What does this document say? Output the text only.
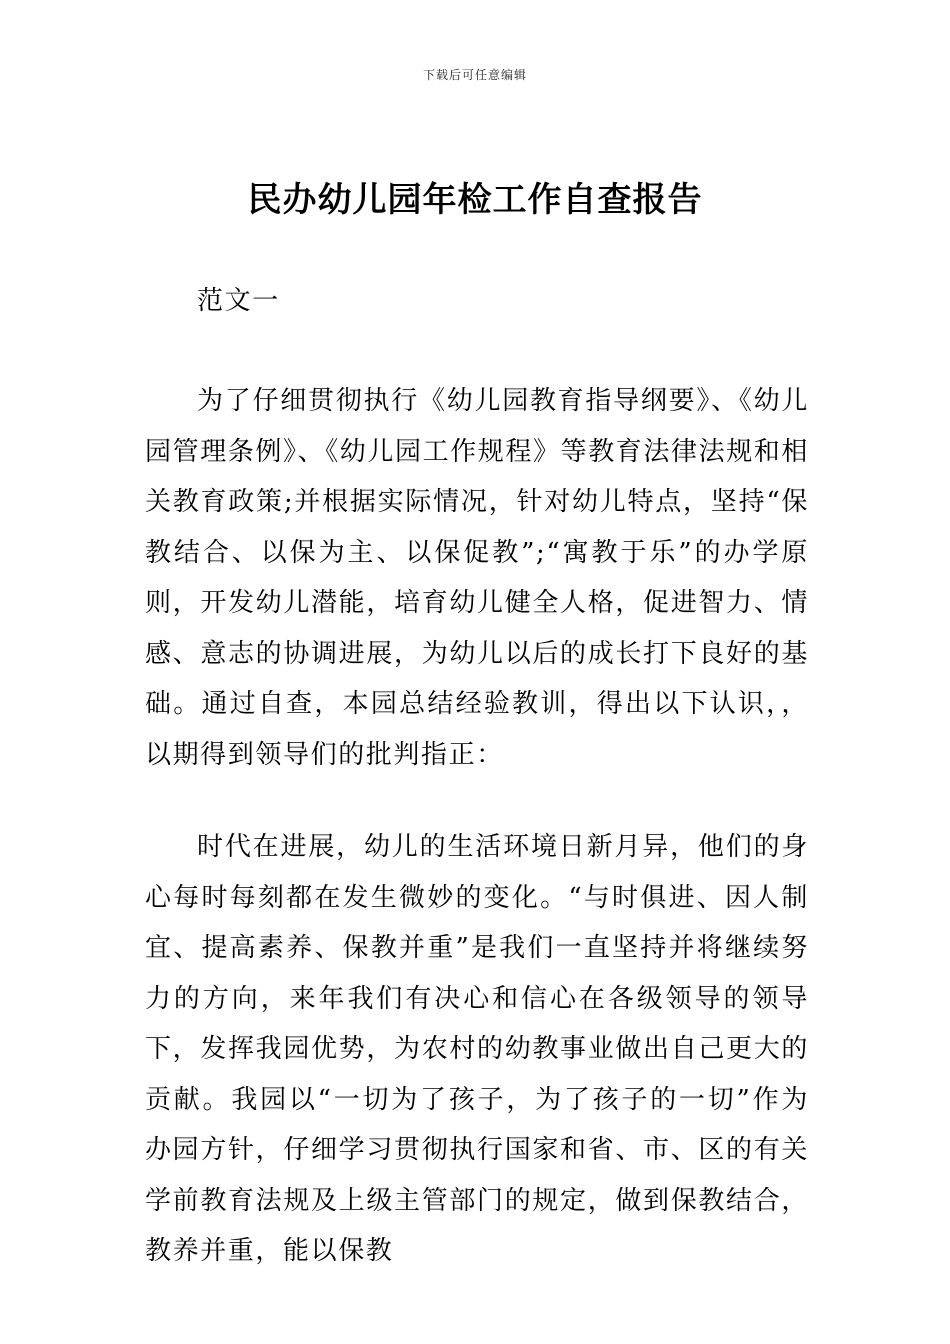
下载后可任意编辑
民办幼儿园年检工作自查报告

范文一

为了仔细贯彻执行《幼儿园教育指导纲要》、《幼儿园管理条例》、《幼儿园工作规程》等教育法律法规和相关教育政策;并根据实际情况，针对幼儿特点，坚持“保教结合、以保为主、以保促教”;“寓教于乐”的办学原则，开发幼儿潜能，培育幼儿健全人格，促进智力、情感、意志的协调进展，为幼儿以后的成长打下良好的基础。通过自查，本园总结经验教训，得出以下认识，，以期得到领导们的批判指正：

时代在进展，幼儿的生活环境日新月异，他们的身心每时每刻都在发生微妙的变化。“与时俱进、因人制宜、提高素养、保教并重”是我们一直坚持并将继续努力的方向，来年我们有决心和信心在各级领导的领导下，发挥我园优势，为农村的幼教事业做出自己更大的贡献。我园以“一切为了孩子，为了孩子的一切”作为办园方针，仔细学习贯彻执行国家和省、市、区的有关学前教育法规及上级主管部门的规定，做到保教结合，教养并重，能以保教
